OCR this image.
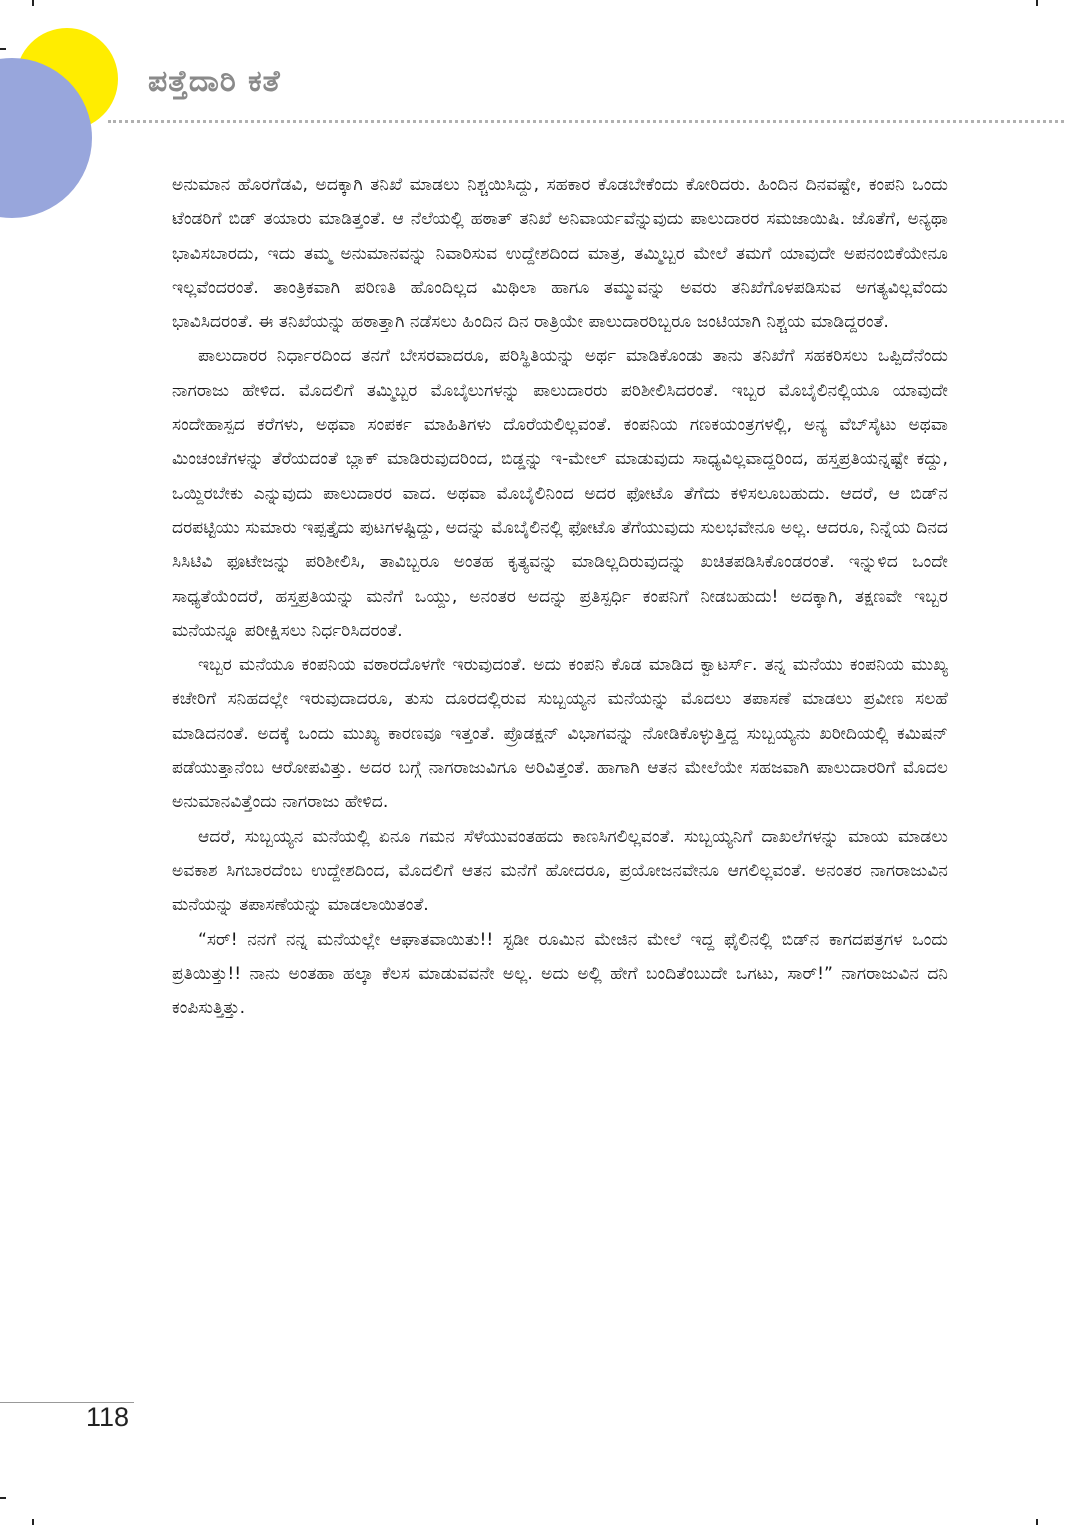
ಪತ್ತೆದಾರಿ ಕತೆ

ಅನುಮಾನ ಹೊರಗೆಡವಿ, ಅದಕ್ಕಾಗಿ ತನಿಖೆ ಮಾಡಲು ನಿಶ್ಚಯಿಸಿದ್ದು, ಸಹಕಾರ ಕೊಡಬೇಕೆಂದು ಕೋರಿದರು. ಹಿಂದಿನ ದಿನವಷ್ಟೇ, ಕಂಪನಿ ಒಂದು ಟೆಂಡರಿಗೆ ಬಿಡ್ ತಯಾರು ಮಾಡಿತ್ತಂತೆ. ಆ ನೆಲೆಯಲ್ಲಿ ಹಠಾತ್ ತನಿಖೆ ಅನಿವಾರ್ಯವೆನ್ನುವುದು ಪಾಲುದಾರರ ಸಮಜಾಯಿಷಿ. ಜೊತೆಗೆ, ಅನ್ಯಥಾ ಭಾವಿಸಬಾರದು, ಇದು ತಮ್ಮ ಅನುಮಾನವನ್ನು ನಿವಾರಿಸುವ ಉದ್ದೇಶದಿಂದ ಮಾತ್ರ, ತಮ್ಮಿಬ್ಬರ ಮೇಲೆ ತಮಗೆ ಯಾವುದೇ ಅಪನಂಬಿಕೆಯೇನೂ ಇಲ್ಲವೆಂದರಂತೆ. ತಾಂತ್ರಿಕವಾಗಿ ಪರಿಣತಿ ಹೊಂದಿಲ್ಲದ ಮಿಥಿಲಾ ಹಾಗೂ ತಮ್ಮುವನ್ನು ಅವರು ತನಿಖೆಗೊಳಪಡಿಸುವ ಅಗತ್ಯವಿಲ್ಲವೆಂದು ಭಾವಿಸಿದರಂತೆ. ಈ ತನಿಖೆಯನ್ನು ಹಠಾತ್ತಾಗಿ ನಡೆಸಲು ಹಿಂದಿನ ದಿನ ರಾತ್ರಿಯೇ ಪಾಲುದಾರರಿಬ್ಬರೂ ಜಂಟಿಯಾಗಿ ನಿಶ್ಚಯ ಮಾಡಿದ್ದರಂತೆ.

ಪಾಲುದಾರರ ನಿರ್ಧಾರದಿಂದ ತನಗೆ ಬೇಸರವಾದರೂ, ಪರಿಸ್ಥಿತಿಯನ್ನು ಅರ್ಥ ಮಾಡಿಕೊಂಡು ತಾನು ತನಿಖೆಗೆ ಸಹಕರಿಸಲು ಒಪ್ಪಿದೆನೆಂದು ನಾಗರಾಜು ಹೇಳಿದ. ಮೊದಲಿಗೆ ತಮ್ಮಿಬ್ಬರ ಮೊಬೈಲುಗಳನ್ನು ಪಾಲುದಾರರು ಪರಿಶೀಲಿಸಿದರಂತೆ. ಇಬ್ಬರ ಮೊಬೈಲಿನಲ್ಲಿಯೂ ಯಾವುದೇ ಸಂದೇಹಾಸ್ಪದ ಕರೆಗಳು, ಅಥವಾ ಸಂಪರ್ಕ ಮಾಹಿತಿಗಳು ದೊರೆಯಲಿಲ್ಲವಂತೆ. ಕಂಪನಿಯ ಗಣಕಯಂತ್ರಗಳಲ್ಲಿ, ಅನ್ಯ ವೆಬ್‌ಸೈಟು ಅಥವಾ ಮಿಂಚಂಚೆಗಳನ್ನು ತೆರೆಯದಂತೆ ಬ್ಲಾಕ್ ಮಾಡಿರುವುದರಿಂದ, ಬಿಡ್ಡನ್ನು ಇ-ಮೇಲ್ ಮಾಡುವುದು ಸಾಧ್ಯವಿಲ್ಲವಾದ್ದರಿಂದ, ಹಸ್ತಪ್ರತಿಯನ್ನಷ್ಟೇ ಕದ್ದು, ಒಯ್ದಿರಬೇಕು ಎನ್ನುವುದು ಪಾಲುದಾರರ ವಾದ. ಅಥವಾ ಮೊಬೈಲಿನಿಂದ ಅದರ ಫೋಟೊ ತೆಗೆದು ಕಳಿಸಲೂಬಹುದು. ಆದರೆ, ಆ ಬಿಡ್‌ನ ದರಪಟ್ಟಿಯು ಸುಮಾರು ಇಪ್ಪತ್ತೈದು ಪುಟಗಳಷ್ಟಿದ್ದು, ಅದನ್ನು ಮೊಬೈಲಿನಲ್ಲಿ ಫೋಟೊ ತೆಗೆಯುವುದು ಸುಲಭವೇನೂ ಅಲ್ಲ. ಆದರೂ, ನಿನ್ನೆಯ ದಿನದ ಸಿಸಿಟಿವಿ ಫೂಟೇಜನ್ನು ಪರಿಶೀಲಿಸಿ, ತಾವಿಬ್ಬರೂ ಅಂತಹ ಕೃತ್ಯವನ್ನು ಮಾಡಿಲ್ಲದಿರುವುದನ್ನು ಖಚಿತಪಡಿಸಿಕೊಂಡರಂತೆ. ಇನ್ನುಳಿದ ಒಂದೇ ಸಾಧ್ಯತೆಯೆಂದರೆ, ಹಸ್ತಪ್ರತಿಯನ್ನು ಮನೆಗೆ ಒಯ್ದು, ಅನಂತರ ಅದನ್ನು ಪ್ರತಿಸ್ಪರ್ಧಿ ಕಂಪನಿಗೆ ನೀಡಬಹುದು! ಅದಕ್ಕಾಗಿ, ತಕ್ಷಣವೇ ಇಬ್ಬರ ಮನೆಯನ್ನೂ ಪರೀಕ್ಷಿಸಲು ನಿರ್ಧರಿಸಿದರಂತೆ.

ಇಬ್ಬರ ಮನೆಯೂ ಕಂಪನಿಯ ವಠಾರದೊಳಗೇ ಇರುವುದಂತೆ. ಅದು ಕಂಪನಿ ಕೊಡ ಮಾಡಿದ ಕ್ವಾಟರ್ಸ್. ತನ್ನ ಮನೆಯು ಕಂಪನಿಯ ಮುಖ್ಯ ಕಚೇರಿಗೆ ಸನಿಹದಲ್ಲೇ ಇರುವುದಾದರೂ, ತುಸು ದೂರದಲ್ಲಿರುವ ಸುಬ್ಬಯ್ಯನ ಮನೆಯನ್ನು ಮೊದಲು ತಪಾಸಣೆ ಮಾಡಲು ಪ್ರವೀಣ ಸಲಹೆ ಮಾಡಿದನಂತೆ. ಅದಕ್ಕೆ ಒಂದು ಮುಖ್ಯ ಕಾರಣವೂ ಇತ್ತಂತೆ. ಪ್ರೊಡಕ್ಷನ್ ವಿಭಾಗವನ್ನು ನೋಡಿಕೊಳ್ಳುತ್ತಿದ್ದ ಸುಬ್ಬಯ್ಯನು ಖರೀದಿಯಲ್ಲಿ ಕಮಿಷನ್ ಪಡೆಯುತ್ತಾನೆಂಬ ಆರೋಪವಿತ್ತು. ಅದರ ಬಗ್ಗೆ ನಾಗರಾಜುವಿಗೂ ಅರಿವಿತ್ತಂತೆ. ಹಾಗಾಗಿ ಆತನ ಮೇಲೆಯೇ ಸಹಜವಾಗಿ ಪಾಲುದಾರರಿಗೆ ಮೊದಲ ಅನುಮಾನವಿತ್ತೆಂದು ನಾಗರಾಜು ಹೇಳಿದ.

ಆದರೆ, ಸುಬ್ಬಯ್ಯನ ಮನೆಯಲ್ಲಿ ಏನೂ ಗಮನ ಸೆಳೆಯುವಂತಹದು ಕಾಣಸಿಗಲಿಲ್ಲವಂತೆ. ಸುಬ್ಬಯ್ಯನಿಗೆ ದಾಖಲೆಗಳನ್ನು ಮಾಯ ಮಾಡಲು ಅವಕಾಶ ಸಿಗಬಾರದೆಂಬ ಉದ್ದೇಶದಿಂದ, ಮೊದಲಿಗೆ ಆತನ ಮನೆಗೆ ಹೋದರೂ, ಪ್ರಯೋಜನವೇನೂ ಆಗಲಿಲ್ಲವಂತೆ. ಅನಂತರ ನಾಗರಾಜುವಿನ ಮನೆಯನ್ನು ತಪಾಸಣೆಯನ್ನು ಮಾಡಲಾಯಿತಂತೆ.

“ಸರ್! ನನಗೆ ನನ್ನ ಮನೆಯಲ್ಲೇ ಆಘಾತವಾಯಿತು!! ಸ್ಟಡೀ ರೂಮಿನ ಮೇಜಿನ ಮೇಲೆ ಇದ್ದ ಫೈಲಿನಲ್ಲಿ ಬಿಡ್‌ನ ಕಾಗದಪತ್ರಗಳ ಒಂದು ಪ್ರತಿಯಿತ್ತು!! ನಾನು ಅಂತಹಾ ಹಲ್ಕಾ ಕೆಲಸ ಮಾಡುವವನೇ ಅಲ್ಲ. ಅದು ಅಲ್ಲಿ ಹೇಗೆ ಬಂದಿತೆಂಬುದೇ ಒಗಟು, ಸಾರ್!” ನಾಗರಾಜುವಿನ ದನಿ ಕಂಪಿಸುತ್ತಿತ್ತು.

118
